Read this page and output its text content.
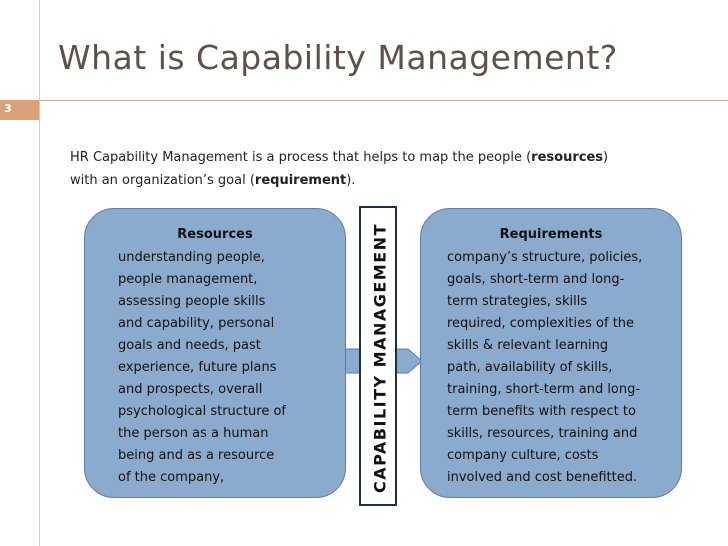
What is Capability Management?
3
HR Capability Management is a process that helps to map the people (resources)
with an organization’s goal (requirement).
Resources
understanding people,
people management,
assessing people skills
and capability, personal
goals and needs, past
experience, future plans
and prospects, overall
psychological structure of
the person as a human
being and as a resource
of the company,
Requirements
company’s structure, policies,
goals, short-term and long-
term strategies, skills
required, complexities of the
skills & relevant learning
path, availability of skills,
training, short-term and long-
term benefits with respect to
skills, resources, training and
company culture, costs
involved and cost benefitted.
CAPABILITY MANAGEMENT
